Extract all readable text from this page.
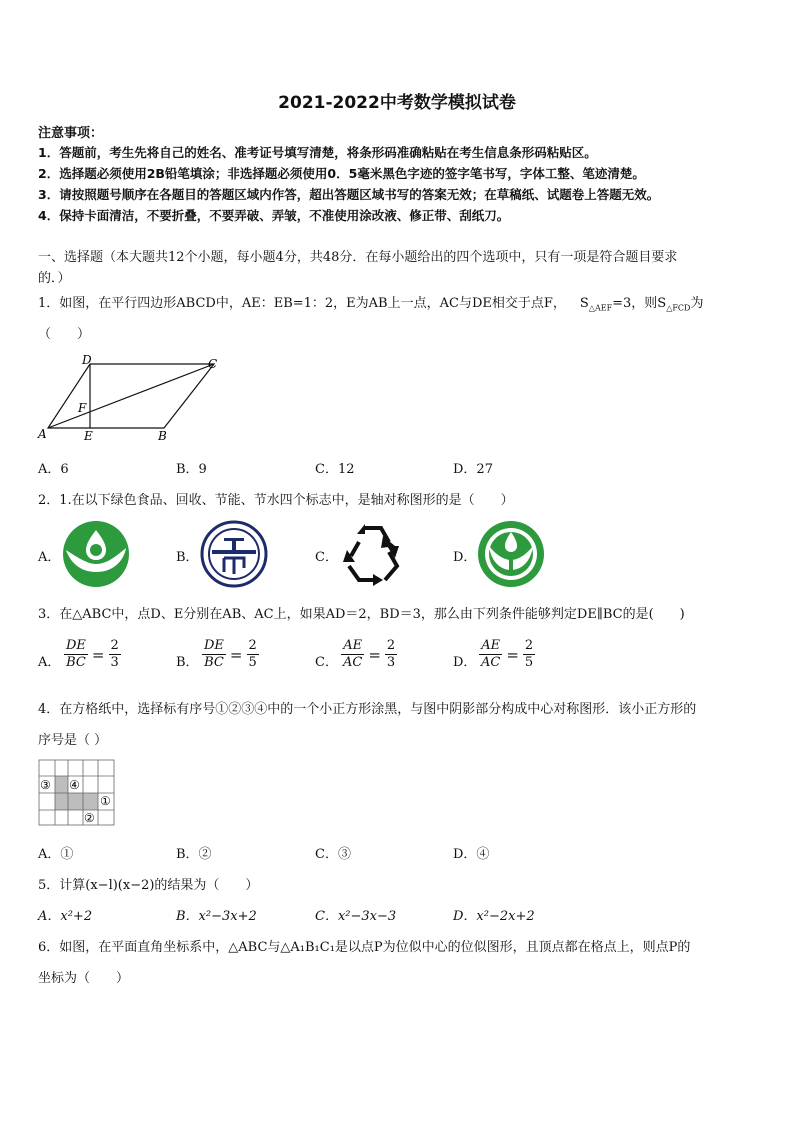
2021-2022中考数学模拟试卷
注意事项：
1．答题前，考生先将自己的姓名、准考证号填写清楚，将条形码准确粘贴在考生信息条形码粘贴区。
2．选择题必须使用2B铅笔填涂；非选择题必须使用0．5毫米黑色字迹的签字笔书写，字体工整、笔迹清楚。
3．请按照题号顺序在各题目的答题区域内作答，超出答题区域书写的答案无效；在草稿纸、试题卷上答题无效。
4．保持卡面清洁，不要折叠，不要弄破、弄皱，不准使用涂改液、修正带、刮纸刀。
一、选择题（本大题共12个小题，每小题4分，共48分．在每小题给出的四个选项中，只有一项是符合题目要求
的．）
1．如图，在平行四边形ABCD中，AE：EB=1：2，E为AB上一点，AC与DE相交于点F， $S_{\triangle AEF}=3$，则$S_{\triangle FCD}$为
（　　）
D	C
F
A	E	B
A．6	B．9	C．12	D．27
2．1.在以下绿色食品、回收、节能、节水四个标志中，是轴对称图形的是（　　）
A．	B．	C．	D．
3．在△ABC中，点D、E分别在AB、AC上，如果AD＝2，BD＝3，那么由下列条件能够判定DE∥BC的是(　　)
A． $\frac{DE}{BC} = \frac{2}{3}$	B． $\frac{DE}{BC} = \frac{2}{5}$	C． $\frac{AE}{AC} = \frac{2}{3}$	D． $\frac{AE}{AC} = \frac{2}{5}$
4．在方格纸中，选择标有序号①②③④中的一个小正方形涂黑，与图中阴影部分构成中心对称图形．该小正方形的
序号是（ ）
③ ④
①
②
A．①	B．②	C．③	D．④
5．计算(x−l)(x−2)的结果为（　　）
A．x²+2	B．x²−3x+2	C．x²−3x−3	D．x²−2x+2
6．如图，在平面直角坐标系中，△ABC与△A₁B₁C₁是以点P为位似中心的位似图形，且顶点都在格点上，则点P的
坐标为（　　）
